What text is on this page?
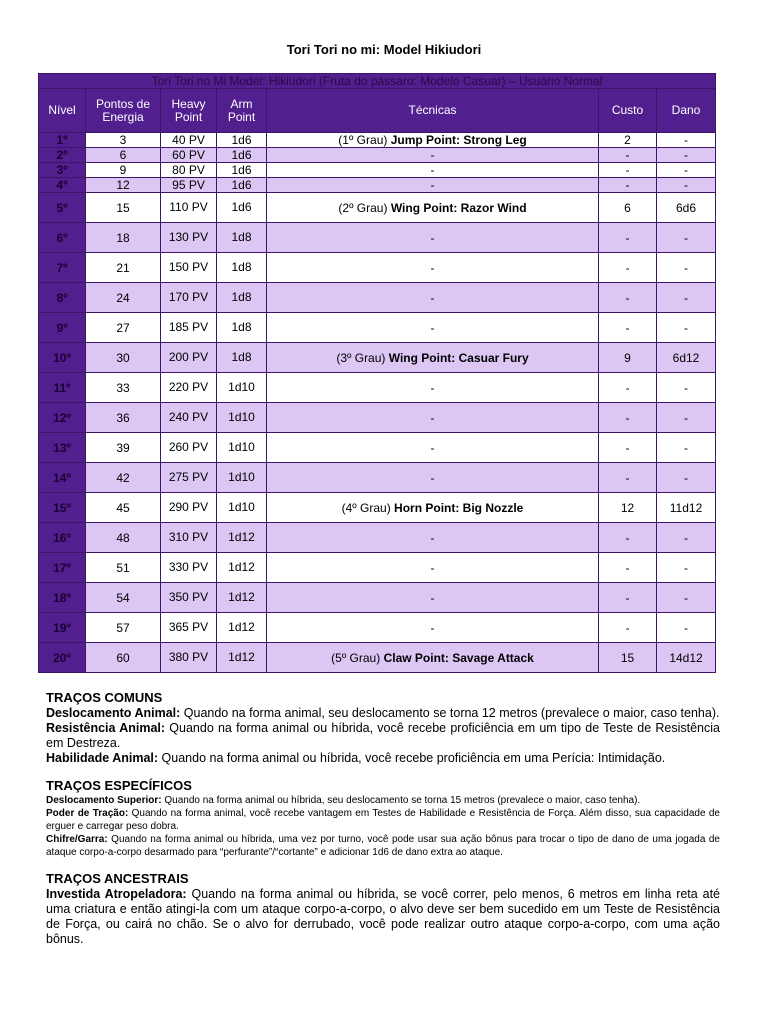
Tori Tori no mi: Model Hikiudori
Tori Tori no Mi Model: Hikiudori (Fruta do pássaro: Modelo Casuar) – Usuário Normal						
Nível	Pontos de Energia	Heavy Point	Arm Point	Técnicas	Custo	Dano
1º	3	40 PV	1d6	(1º Grau) Jump Point: Strong Leg	2	-
2º	6	60 PV	1d6	-	-	-
3º	9	80 PV	1d6	-	-	-
4º	12	95 PV	1d6	-	-	-
5º	15	110 PV	1d6	(2º Grau) Wing Point: Razor Wind	6	6d6
6º	18	130 PV	1d8	-	-	-
7º	21	150 PV	1d8	-	-	-
8º	24	170 PV	1d8	-	-	-
9º	27	185 PV	1d8	-	-	-
10º	30	200 PV	1d8	(3º Grau) Wing Point: Casuar Fury	9	6d12
11º	33	220 PV	1d10	-	-	-
12º	36	240 PV	1d10	-	-	-
13º	39	260 PV	1d10	-	-	-
14º	42	275 PV	1d10	-	-	-
15º	45	290 PV	1d10	(4º Grau) Horn Point: Big Nozzle	12	11d12
16º	48	310 PV	1d12	-	-	-
17º	51	330 PV	1d12	-	-	-
18º	54	350 PV	1d12	-	-	-
19º	57	365 PV	1d12	-	-	-
20º	60	380 PV	1d12	(5º Grau) Claw Point: Savage Attack	15	14d12

TRAÇOS COMUNS

Deslocamento Animal: Quando na forma animal, seu deslocamento se torna 12 metros (prevalece o maior, caso tenha).

Resistência Animal: Quando na forma animal ou híbrida, você recebe proficiência em um tipo de Teste de Resistência em Destreza.

Habilidade Animal: Quando na forma animal ou híbrida, você recebe proficiência em uma Perícia: Intimidação.

TRAÇOS ESPECÍFICOS

Deslocamento Superior: Quando na forma animal ou híbrida, seu deslocamento se torna 15 metros (prevalece o maior, caso tenha).

Poder de Tração: Quando na forma animal, você recebe vantagem em Testes de Habilidade e Resistência de Força. Além disso, sua capacidade de erguer e carregar peso dobra.

Chifre/Garra: Quando na forma animal ou híbrida, uma vez por turno, você pode usar sua ação bônus para trocar o tipo de dano de uma jogada de ataque corpo-a-corpo desarmado para “perfurante”/“cortante” e adicionar 1d6 de dano extra ao ataque.

TRAÇOS ANCESTRAIS

Investida Atropeladora: Quando na forma animal ou híbrida, se você correr, pelo menos, 6 metros em linha reta até uma criatura e então atingi-la com um ataque corpo-a-corpo, o alvo deve ser bem sucedido em um Teste de Resistência de Força, ou cairá no chão. Se o alvo for derrubado, você pode realizar outro ataque corpo-a-corpo, com uma ação bônus.
